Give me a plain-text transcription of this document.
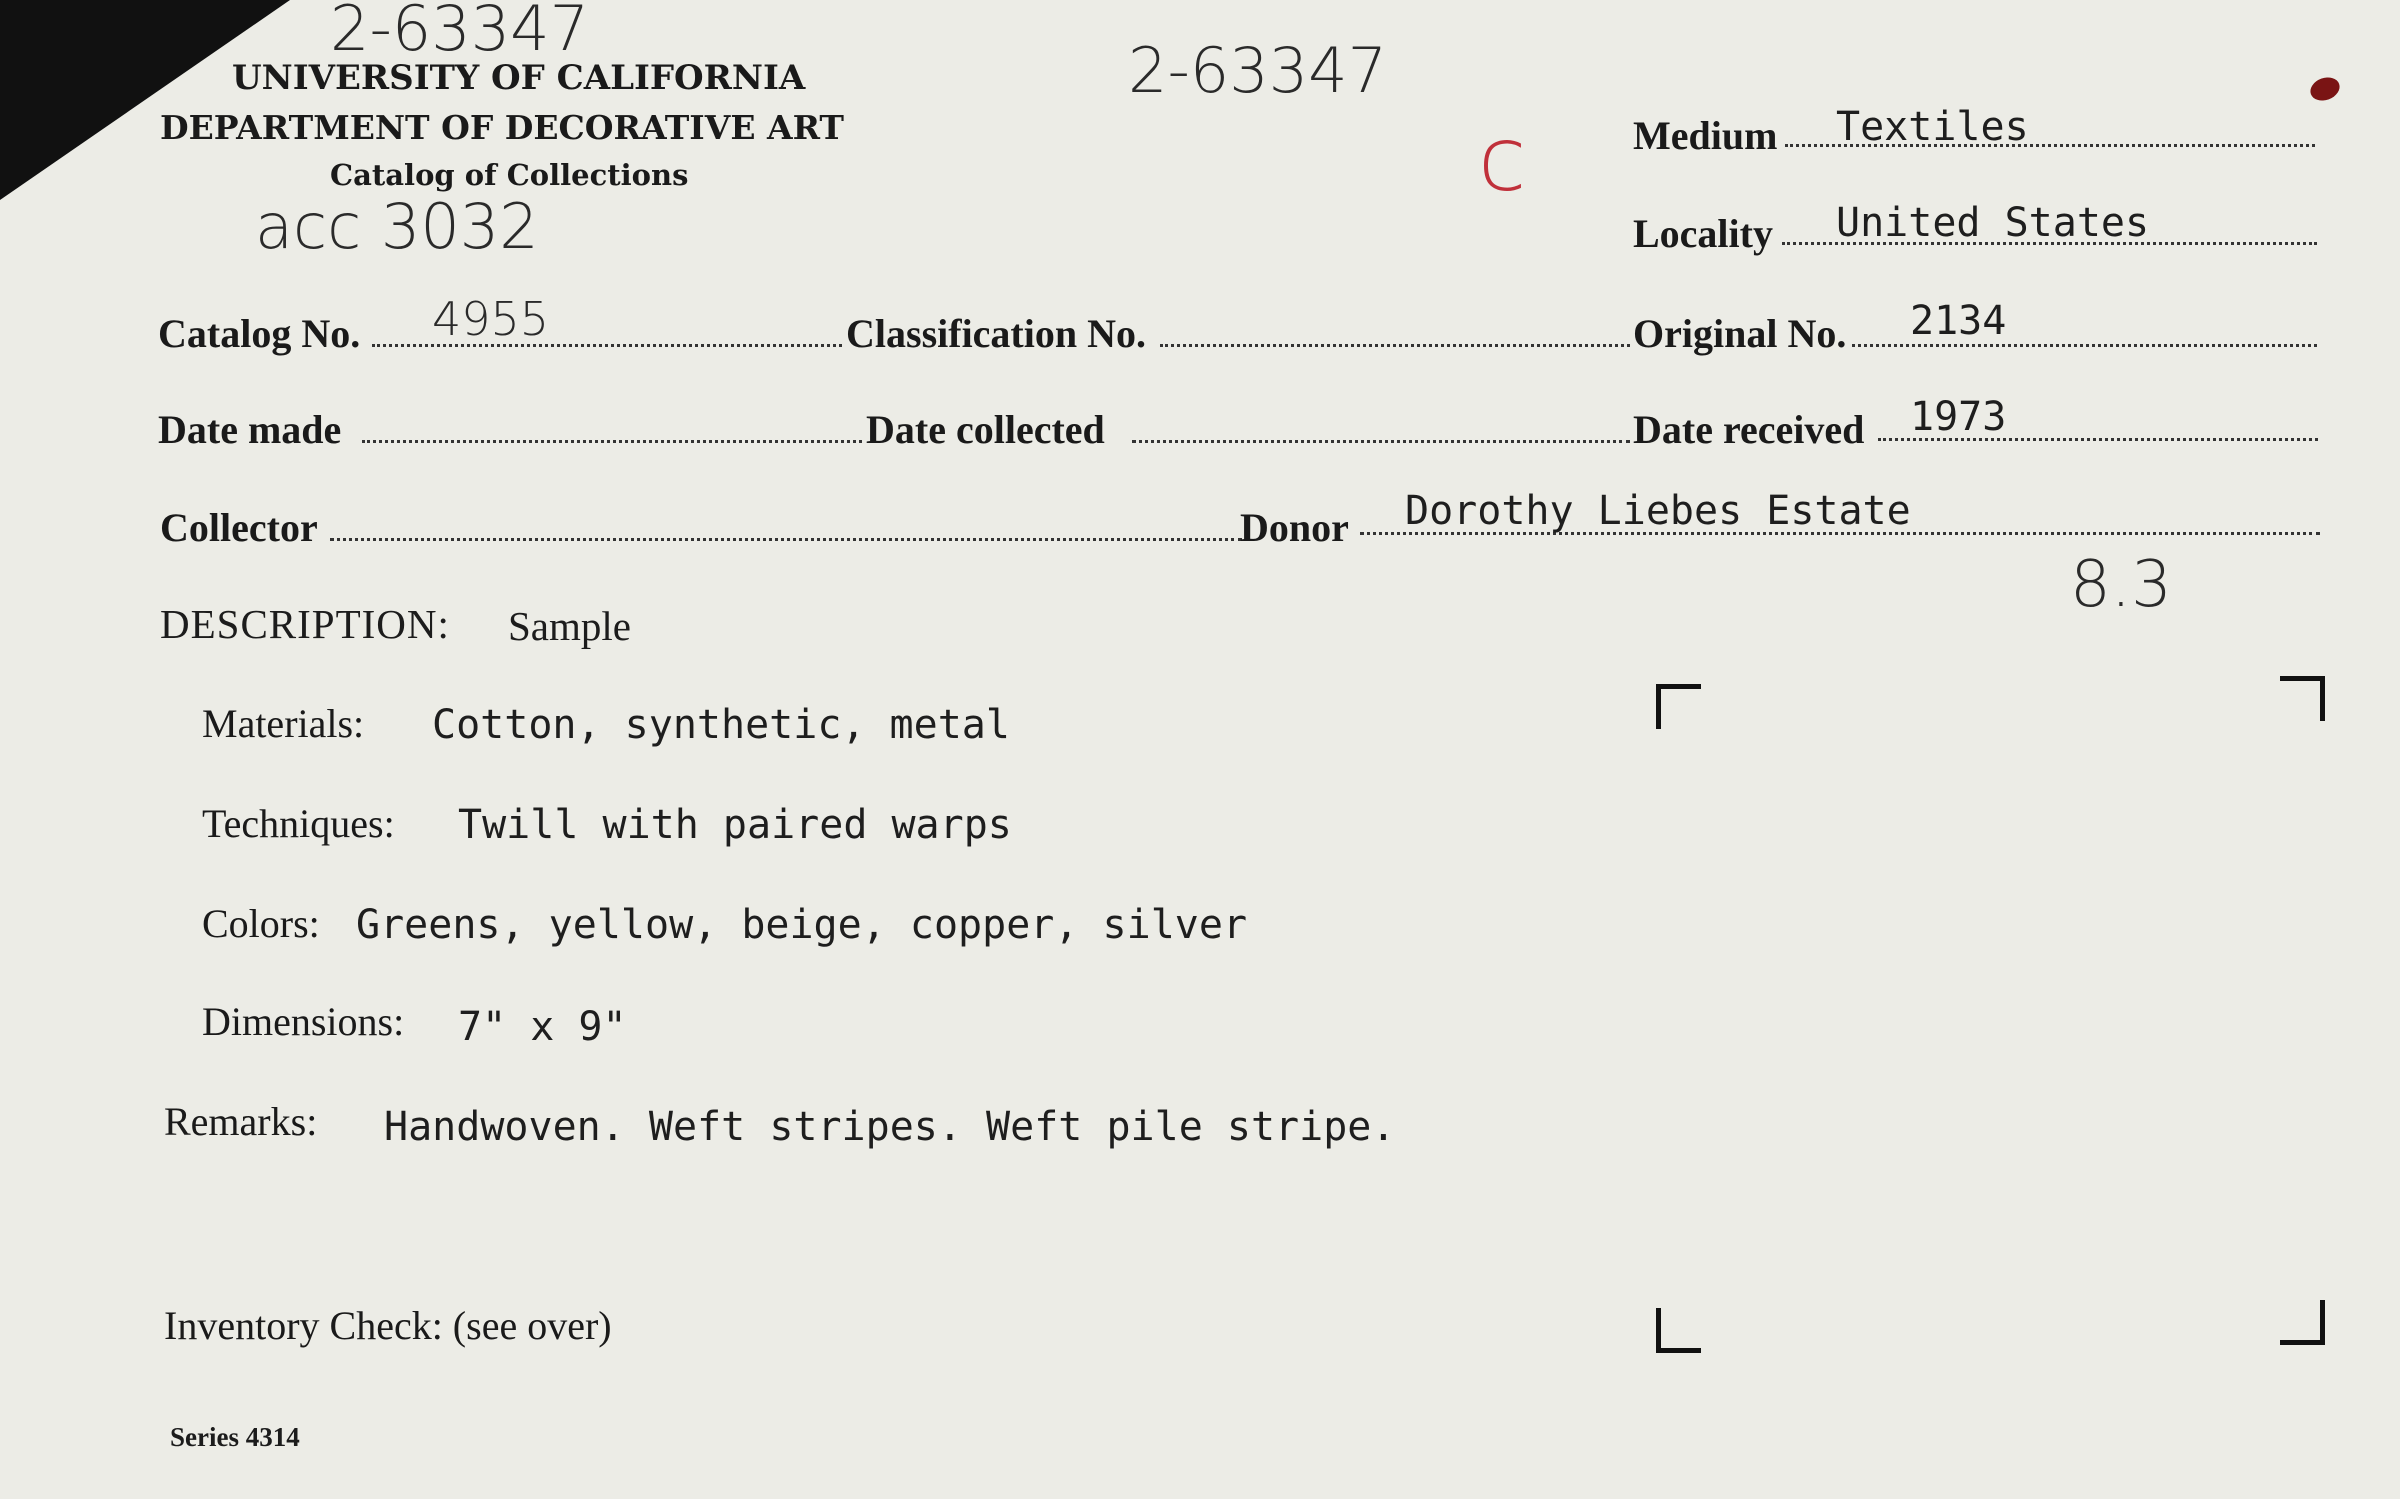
2-63347
2-63347
acc 3032
c
8.3
UNIVERSITY OF CALIFORNIA
DEPARTMENT OF DECORATIVE ART
Catalog of Collections
Medium Textiles
Locality United States
Catalog No. 4955	Classification No.	Original No. 2134
Date made	Date collected	Date received 1973
Collector	Donor Dorothy Liebes Estate
DESCRIPTION: Sample
Materials: Cotton, synthetic, metal
Techniques: Twill with paired warps
Colors: Greens, yellow, beige, copper, silver
Dimensions: 7" x 9"
Remarks: Handwoven. Weft stripes. Weft pile stripe.
Inventory Check: (see over)
Series 4314
